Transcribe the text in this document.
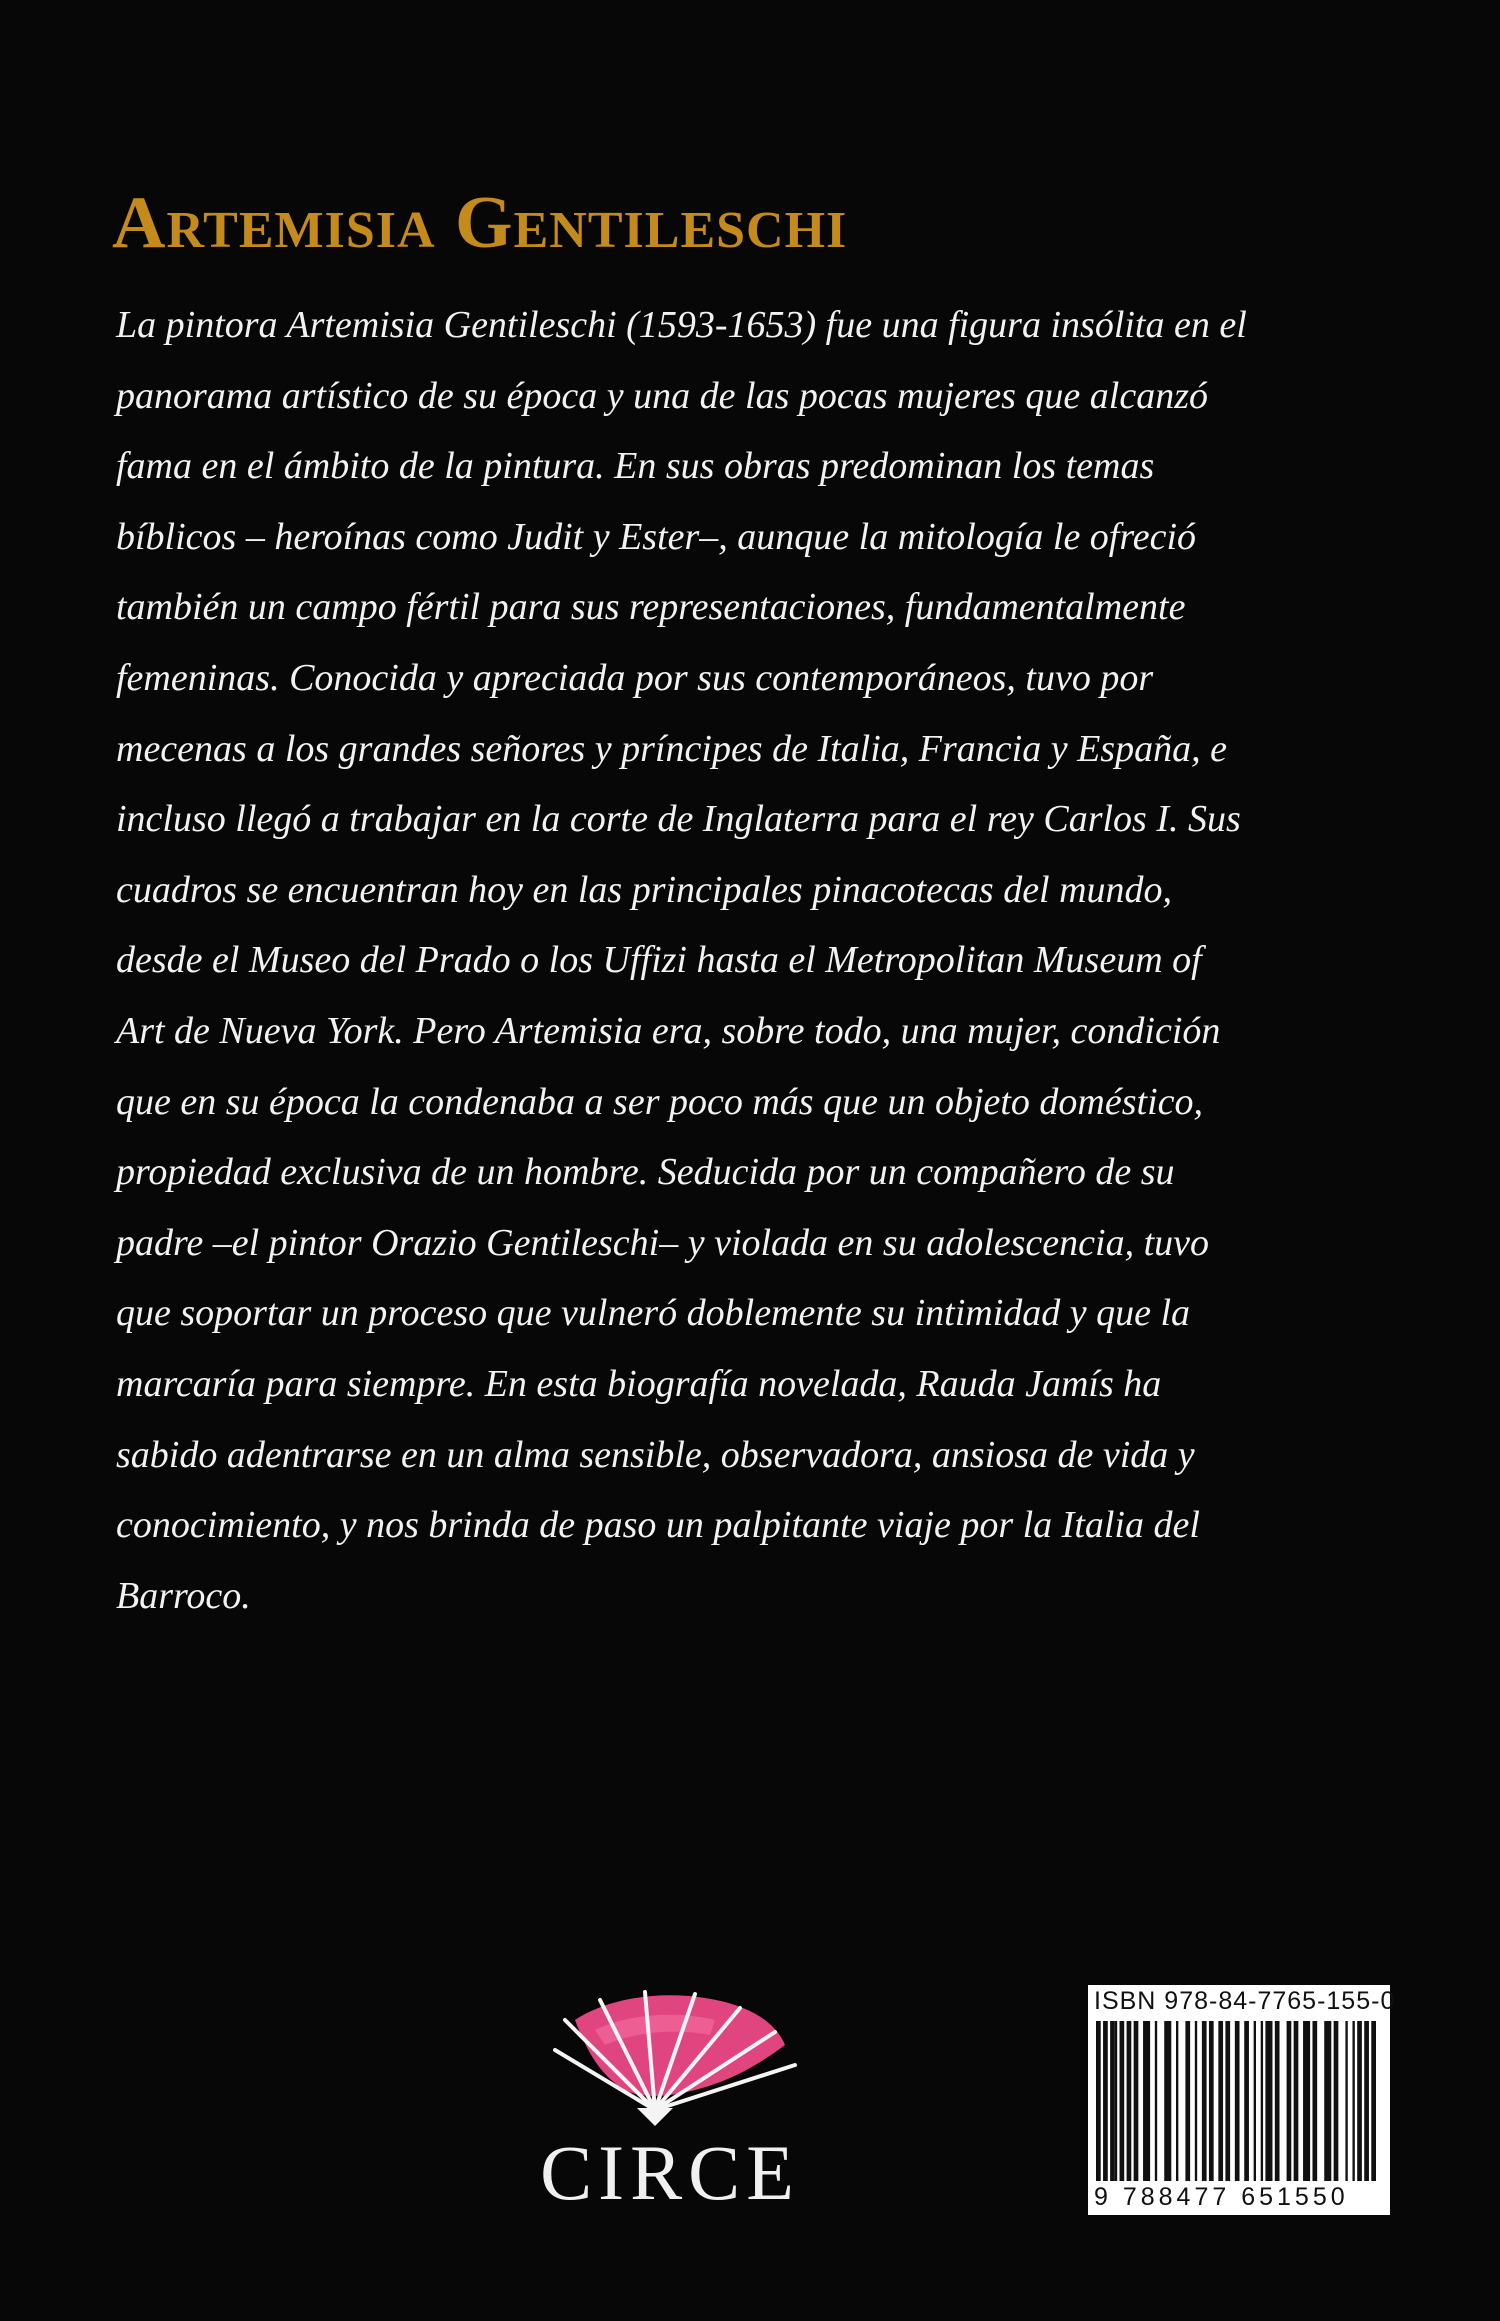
Artemisia Gentileschi
La pintora Artemisia Gentileschi (1593-1653) fue una figura insólita en el
panorama artístico de su época y una de las pocas mujeres que alcanzó
fama en el ámbito de la pintura. En sus obras predominan los temas
bíblicos – heroínas como Judit y Ester–, aunque la mitología le ofreció
también un campo fértil para sus representaciones, fundamentalmente
femeninas. Conocida y apreciada por sus contemporáneos, tuvo por
mecenas a los grandes señores y príncipes de Italia, Francia y España, e
incluso llegó a trabajar en la corte de Inglaterra para el rey Carlos I. Sus
cuadros se encuentran hoy en las principales pinacotecas del mundo,
desde el Museo del Prado o los Uffizi hasta el Metropolitan Museum of
Art de Nueva York. Pero Artemisia era, sobre todo, una mujer, condición
que en su época la condenaba a ser poco más que un objeto doméstico,
propiedad exclusiva de un hombre. Seducida por un compañero de su
padre –el pintor Orazio Gentileschi– y violada en su adolescencia, tuvo
que soportar un proceso que vulneró doblemente su intimidad y que la
marcaría para siempre. En esta biografía novelada, Rauda Jamís ha
sabido adentrarse en un alma sensible, observadora, ansiosa de vida y
conocimiento, y nos brinda de paso un palpitante viaje por la Italia del
Barroco.
CIRCE
ISBN 978-84-7765-155-0
9 788477 651550
